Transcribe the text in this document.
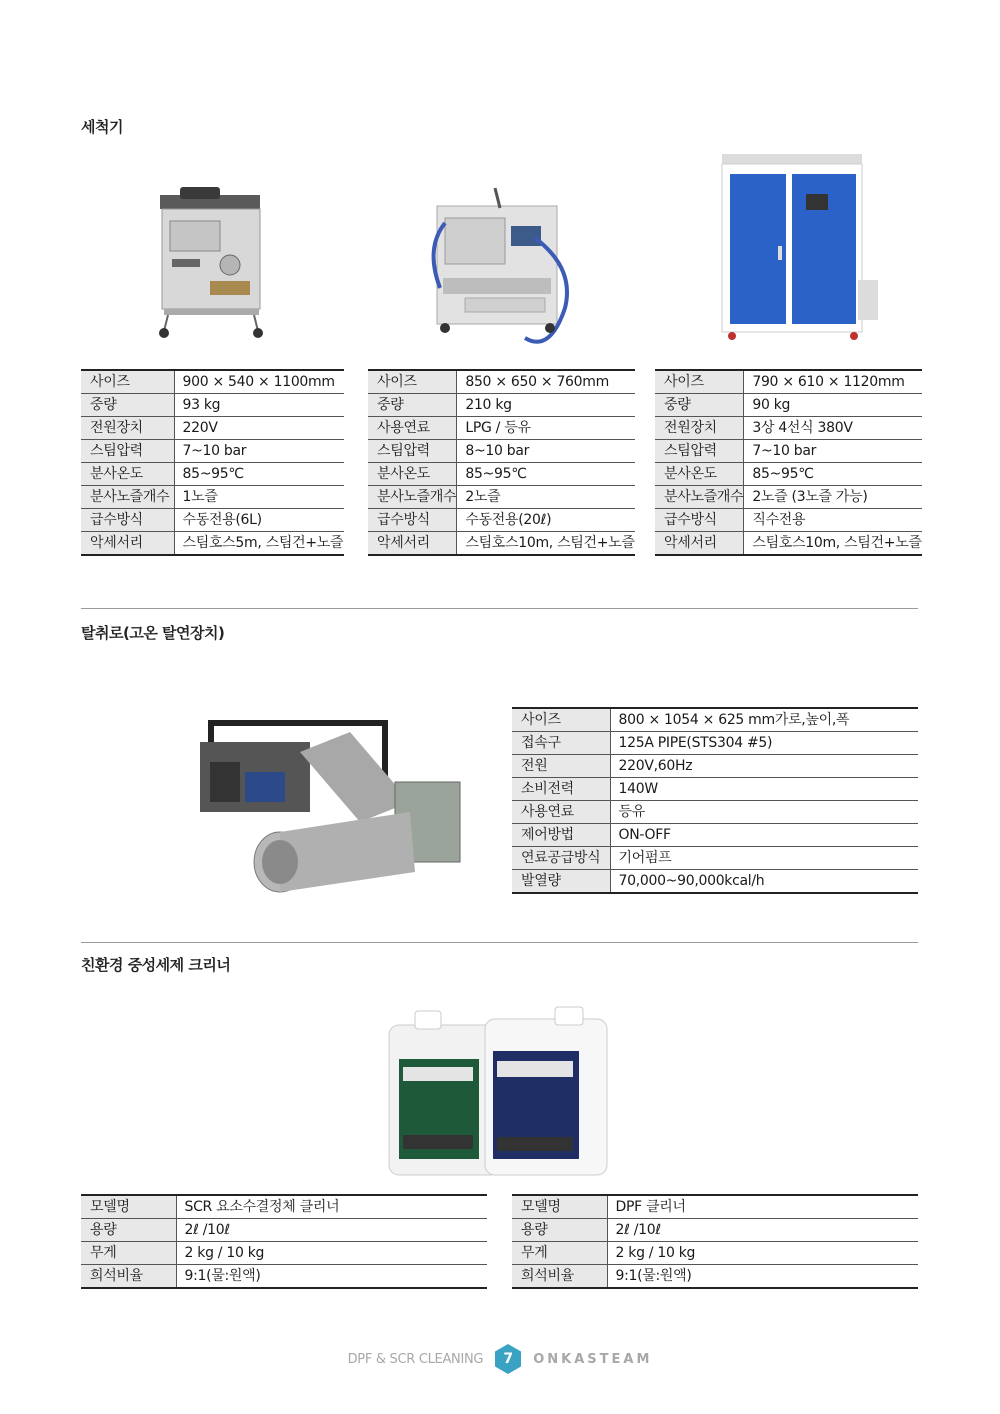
세척기
사이즈	900 × 540 × 1100mm
중량	93 kg
전원장치	220V
스팀압력	7~10 bar
분사온도	85~95℃
분사노즐개수	1노즐
급수방식	수동전용(6L)
악세서리	스팀호스5m, 스팀건+노즐
사이즈	850 × 650 × 760mm
중량	210 kg
사용연료	LPG / 등유
스팀압력	8~10 bar
분사온도	85~95℃
분사노즐개수	2노즐
급수방식	수동전용(20ℓ)
악세서리	스팀호스10m, 스팀건+노즐
사이즈	790 × 610 × 1120mm
중량	90 kg
전원장치	3상 4선식 380V
스팀압력	7~10 bar
분사온도	85~95℃
분사노즐개수	2노즐 (3노즐 가능)
급수방식	직수전용
악세서리	스팀호스10m, 스팀건+노즐
탈취로(고온 탈연장치)
사이즈	800 × 1054 × 625 mm가로,높이,폭
접속구	125A PIPE(STS304 #5)
전원	220V,60Hz
소비전력	140W
사용연료	등유
제어방법	ON-OFF
연료공급방식	기어펌프
발열량	70,000~90,000kcal/h
친환경 중성세제 크리너
모델명	SCR 요소수결정체 클리너
용량	2ℓ /10ℓ
무게	2 kg / 10 kg
희석비율	9:1(물:원액)
모델명	DPF 클리너
용량	2ℓ /10ℓ
무게	2 kg / 10 kg
희석비율	9:1(물:원액)
DPF & SCR CLEANING 7 ONKASTEAM
